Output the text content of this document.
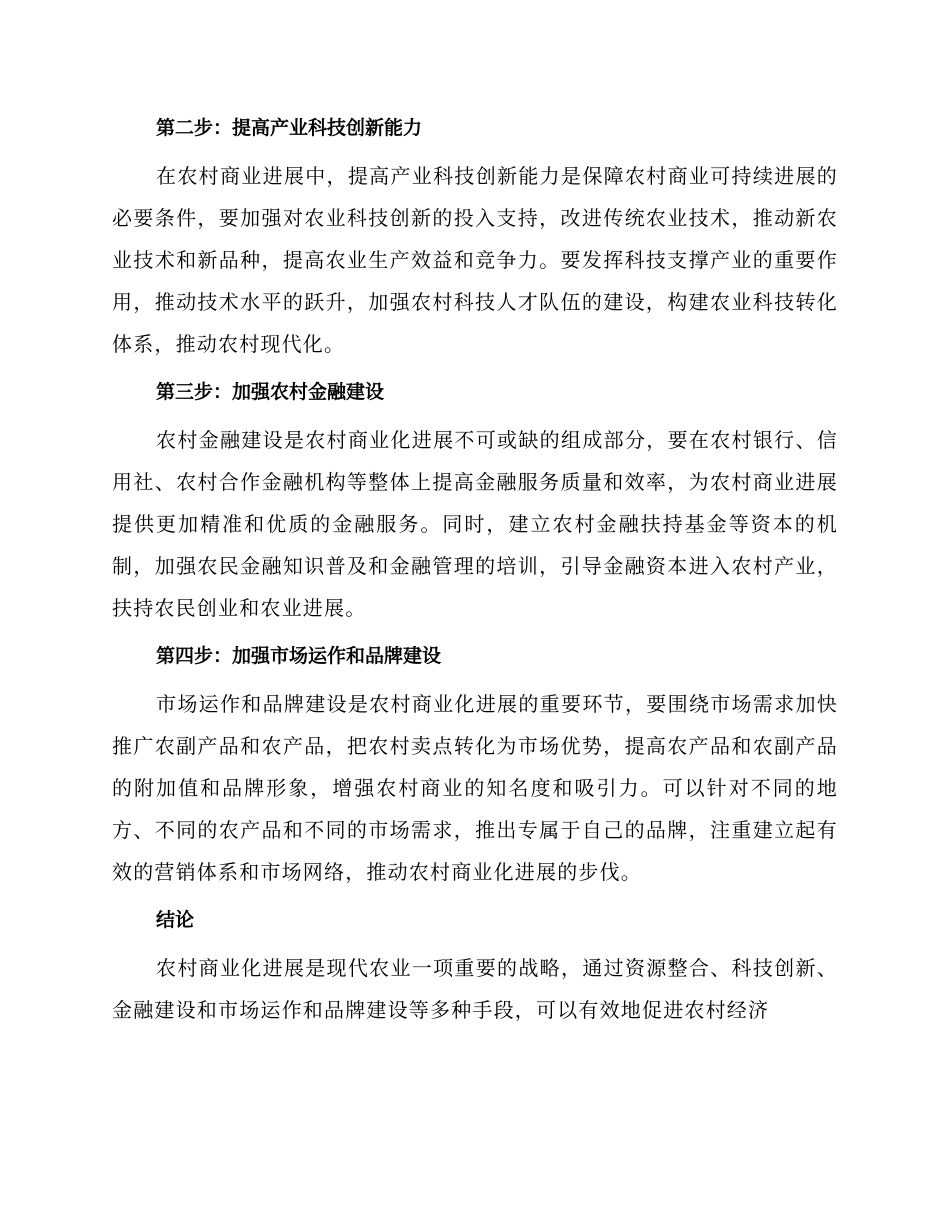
第二步：提高产业科技创新能力

在农村商业进展中，提高产业科技创新能力是保障农村商业可持续进展的必要条件，要加强对农业科技创新的投入支持，改进传统农业技术，推动新农业技术和新品种，提高农业生产效益和竞争力。要发挥科技支撑产业的重要作用，推动技术水平的跃升，加强农村科技人才队伍的建设，构建农业科技转化体系，推动农村现代化。

第三步：加强农村金融建设

农村金融建设是农村商业化进展不可或缺的组成部分，要在农村银行、信用社、农村合作金融机构等整体上提高金融服务质量和效率，为农村商业进展提供更加精准和优质的金融服务。同时，建立农村金融扶持基金等资本的机制，加强农民金融知识普及和金融管理的培训，引导金融资本进入农村产业，扶持农民创业和农业进展。

第四步：加强市场运作和品牌建设

市场运作和品牌建设是农村商业化进展的重要环节，要围绕市场需求加快推广农副产品和农产品，把农村卖点转化为市场优势，提高农产品和农副产品的附加值和品牌形象，增强农村商业的知名度和吸引力。可以针对不同的地方、不同的农产品和不同的市场需求，推出专属于自己的品牌，注重建立起有效的营销体系和市场网络，推动农村商业化进展的步伐。

结论

农村商业化进展是现代农业一项重要的战略，通过资源整合、科技创新、金融建设和市场运作和品牌建设等多种手段，可以有效地促进农村经济
